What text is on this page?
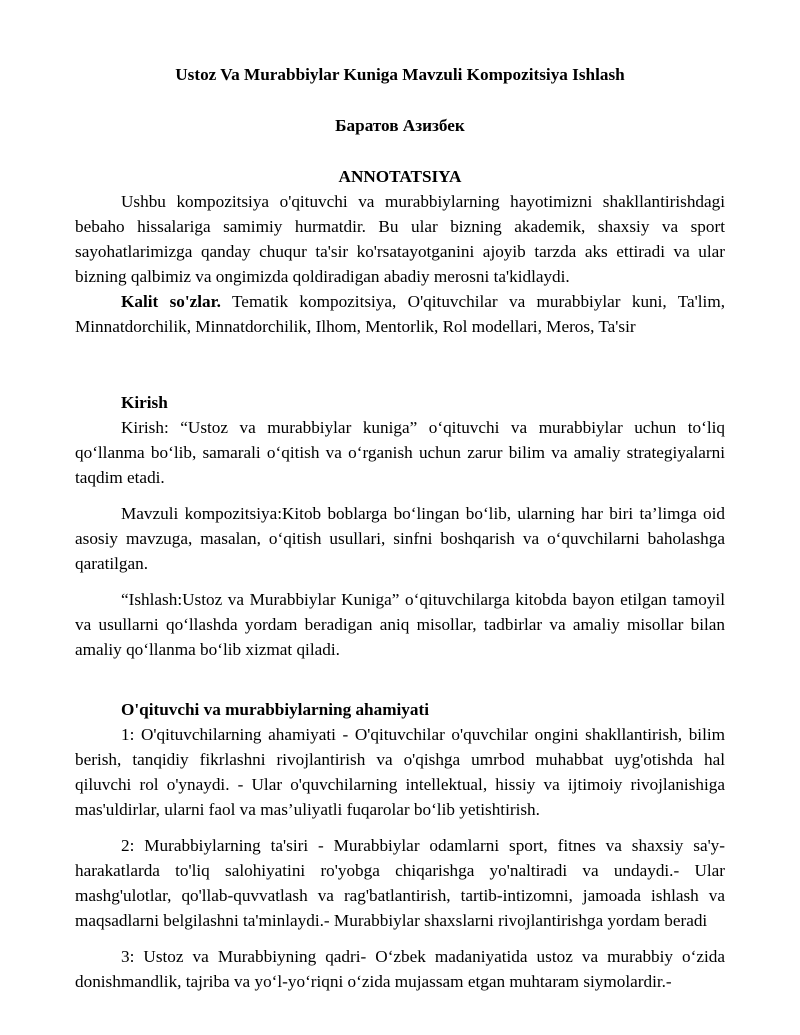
Ustoz Va Murabbiylar Kuniga Mavzuli Kompozitsiya Ishlash

Баратов Азизбек

ANNOTATSIYA

Ushbu kompozitsiya o'qituvchi va murabbiylarning hayotimizni shakllantirishdagi bebaho hissalariga samimiy hurmatdir. Bu ular bizning akademik, shaxsiy va sport sayohatlarimizga qanday chuqur ta'sir ko'rsatayotganini ajoyib tarzda aks ettiradi va ular bizning qalbimiz va ongimizda qoldiradigan abadiy merosni ta'kidlaydi.

Kalit so'zlar. Tematik kompozitsiya, O'qituvchilar va murabbiylar kuni, Ta'lim, Minnatdorchilik, Minnatdorchilik, Ilhom, Mentorlik, Rol modellari, Meros, Ta'sir

Kirish

Kirish: “Ustoz va murabbiylar kuniga” o‘qituvchi va murabbiylar uchun to‘liq qo‘llanma bo‘lib, samarali o‘qitish va o‘rganish uchun zarur bilim va amaliy strategiyalarni taqdim etadi.

Mavzuli kompozitsiya:Kitob boblarga bo‘lingan bo‘lib, ularning har biri ta’limga oid asosiy mavzuga, masalan, o‘qitish usullari, sinfni boshqarish va o‘quvchilarni baholashga qaratilgan.

“Ishlash:Ustoz va Murabbiylar Kuniga” o‘qituvchilarga kitobda bayon etilgan tamoyil va usullarni qo‘llashda yordam beradigan aniq misollar, tadbirlar va amaliy misollar bilan amaliy qo‘llanma bo‘lib xizmat qiladi.

O'qituvchi va murabbiylarning ahamiyati

1: O'qituvchilarning ahamiyati - O'qituvchilar o'quvchilar ongini shakllantirish, bilim berish, tanqidiy fikrlashni rivojlantirish va o'qishga umrbod muhabbat uyg'otishda hal qiluvchi rol o'ynaydi. - Ular o'quvchilarning intellektual, hissiy va ijtimoiy rivojlanishiga mas'uldirlar, ularni faol va mas’uliyatli fuqarolar bo‘lib yetishtirish.

2: Murabbiylarning ta'siri - Murabbiylar odamlarni sport, fitnes va shaxsiy sa'y-harakatlarda to'liq salohiyatini ro'yobga chiqarishga yo'naltiradi va undaydi.- Ular mashg'ulotlar, qo'llab-quvvatlash va rag'batlantirish, tartib-intizomni, jamoada ishlash va maqsadlarni belgilashni ta'minlaydi.- Murabbiylar shaxslarni rivojlantirishga yordam beradi

3: Ustoz va Murabbiyning qadri- O‘zbek madaniyatida ustoz va murabbiy o‘zida donishmandlik, tajriba va yo‘l-yo‘riqni o‘zida mujassam etgan muhtaram siymolardir.-
